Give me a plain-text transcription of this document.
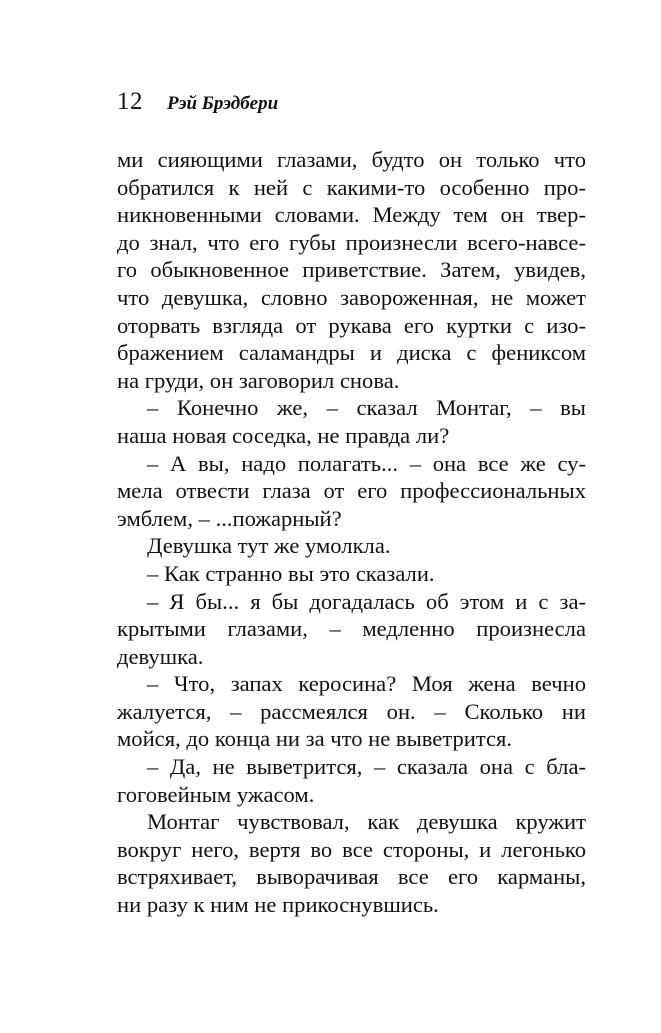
12 Рэй Брэдбери
ми сияющими глазами, будто он только что
обратился к ней с какими-то особенно про-
никновенными словами. Между тем он твер-
до знал, что его губы произнесли всего-навсе-
го обыкновенное приветствие. Затем, увидев,
что девушка, словно завороженная, не может
оторвать взгляда от рукава его куртки с изо-
бражением саламандры и диска с фениксом
на груди, он заговорил снова.
– Конечно же, – сказал Монтаг, – вы
наша новая соседка, не правда ли?
– А вы, надо полагать... – она все же су-
мела отвести глаза от его профессиональных
эмблем, – ...пожарный?
Девушка тут же умолкла.
– Как странно вы это сказали.
– Я бы... я бы догадалась об этом и с за-
крытыми глазами, – медленно произнесла
девушка.
– Что, запах керосина? Моя жена вечно
жалуется, – рассмеялся он. – Сколько ни
мойся, до конца ни за что не выветрится.
– Да, не выветрится, – сказала она с бла-
гоговейным ужасом.
Монтаг чувствовал, как девушка кружит
вокруг него, вертя во все стороны, и легонько
встряхивает, выворачивая все его карманы,
ни разу к ним не прикоснувшись.
